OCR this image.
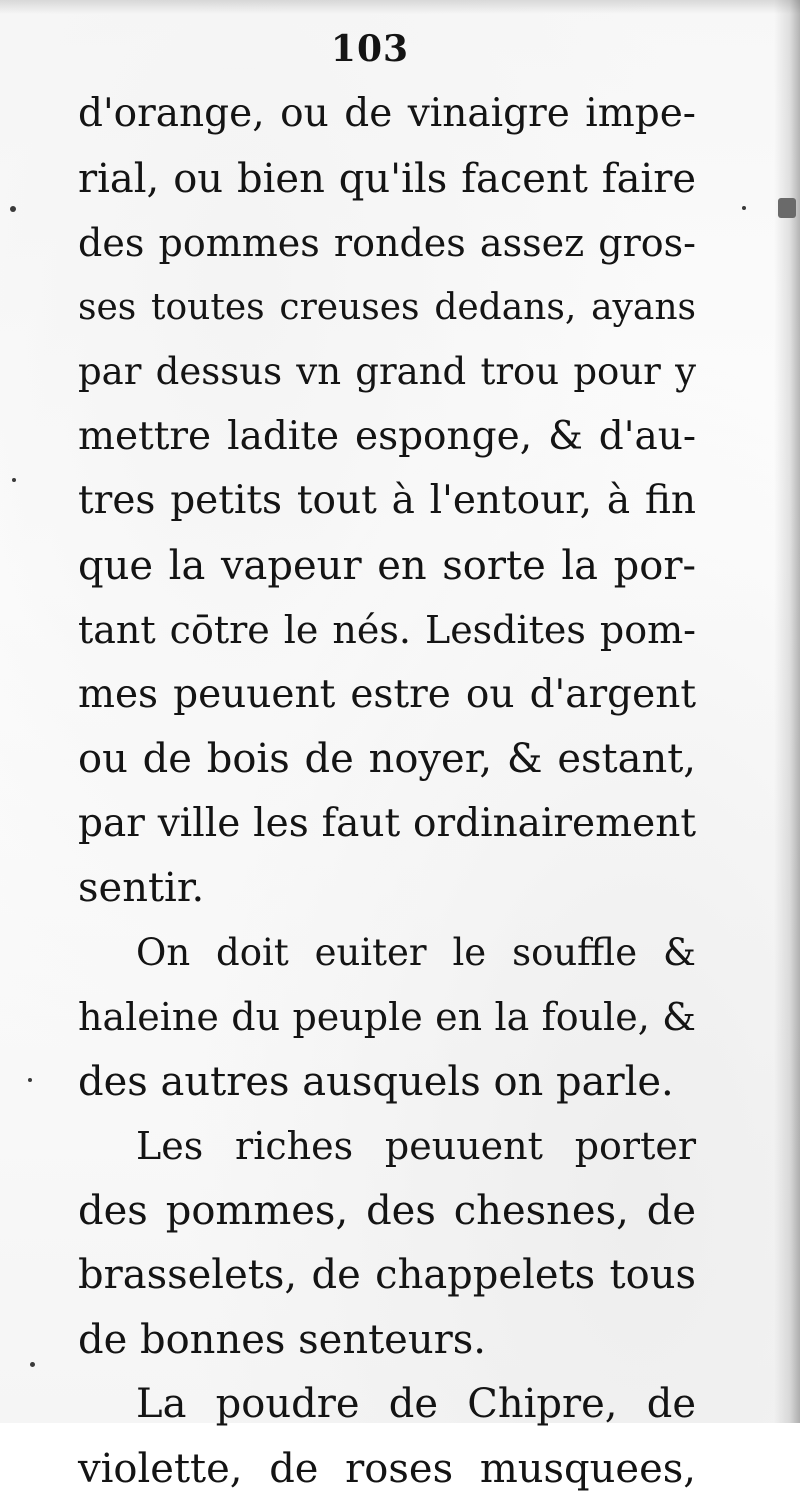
103
d'orange, ou de vinaigre impe-
rial, ou bien qu'ils facent faire
des pommes rondes assez gros-
ses toutes creuses dedans, ayans
par dessus vn grand trou pour y
mettre ladite esponge, & d'au-
tres petits tout à l'entour, à fin
que la vapeur en sorte la por-
tant cōtre le nés. Lesdites pom-
mes peuuent estre ou d'argent
ou de bois de noyer, & estant,
par ville les faut ordinairement
sentir.
On doit euiter le souffle &
haleine du peuple en la foule, &
des autres ausquels on parle.
Les riches peuuent porter
des pommes, des chesnes, de
brasselets, de chappelets tous
de bonnes senteurs.
La poudre de Chipre, de
violette, de roses musquees,
